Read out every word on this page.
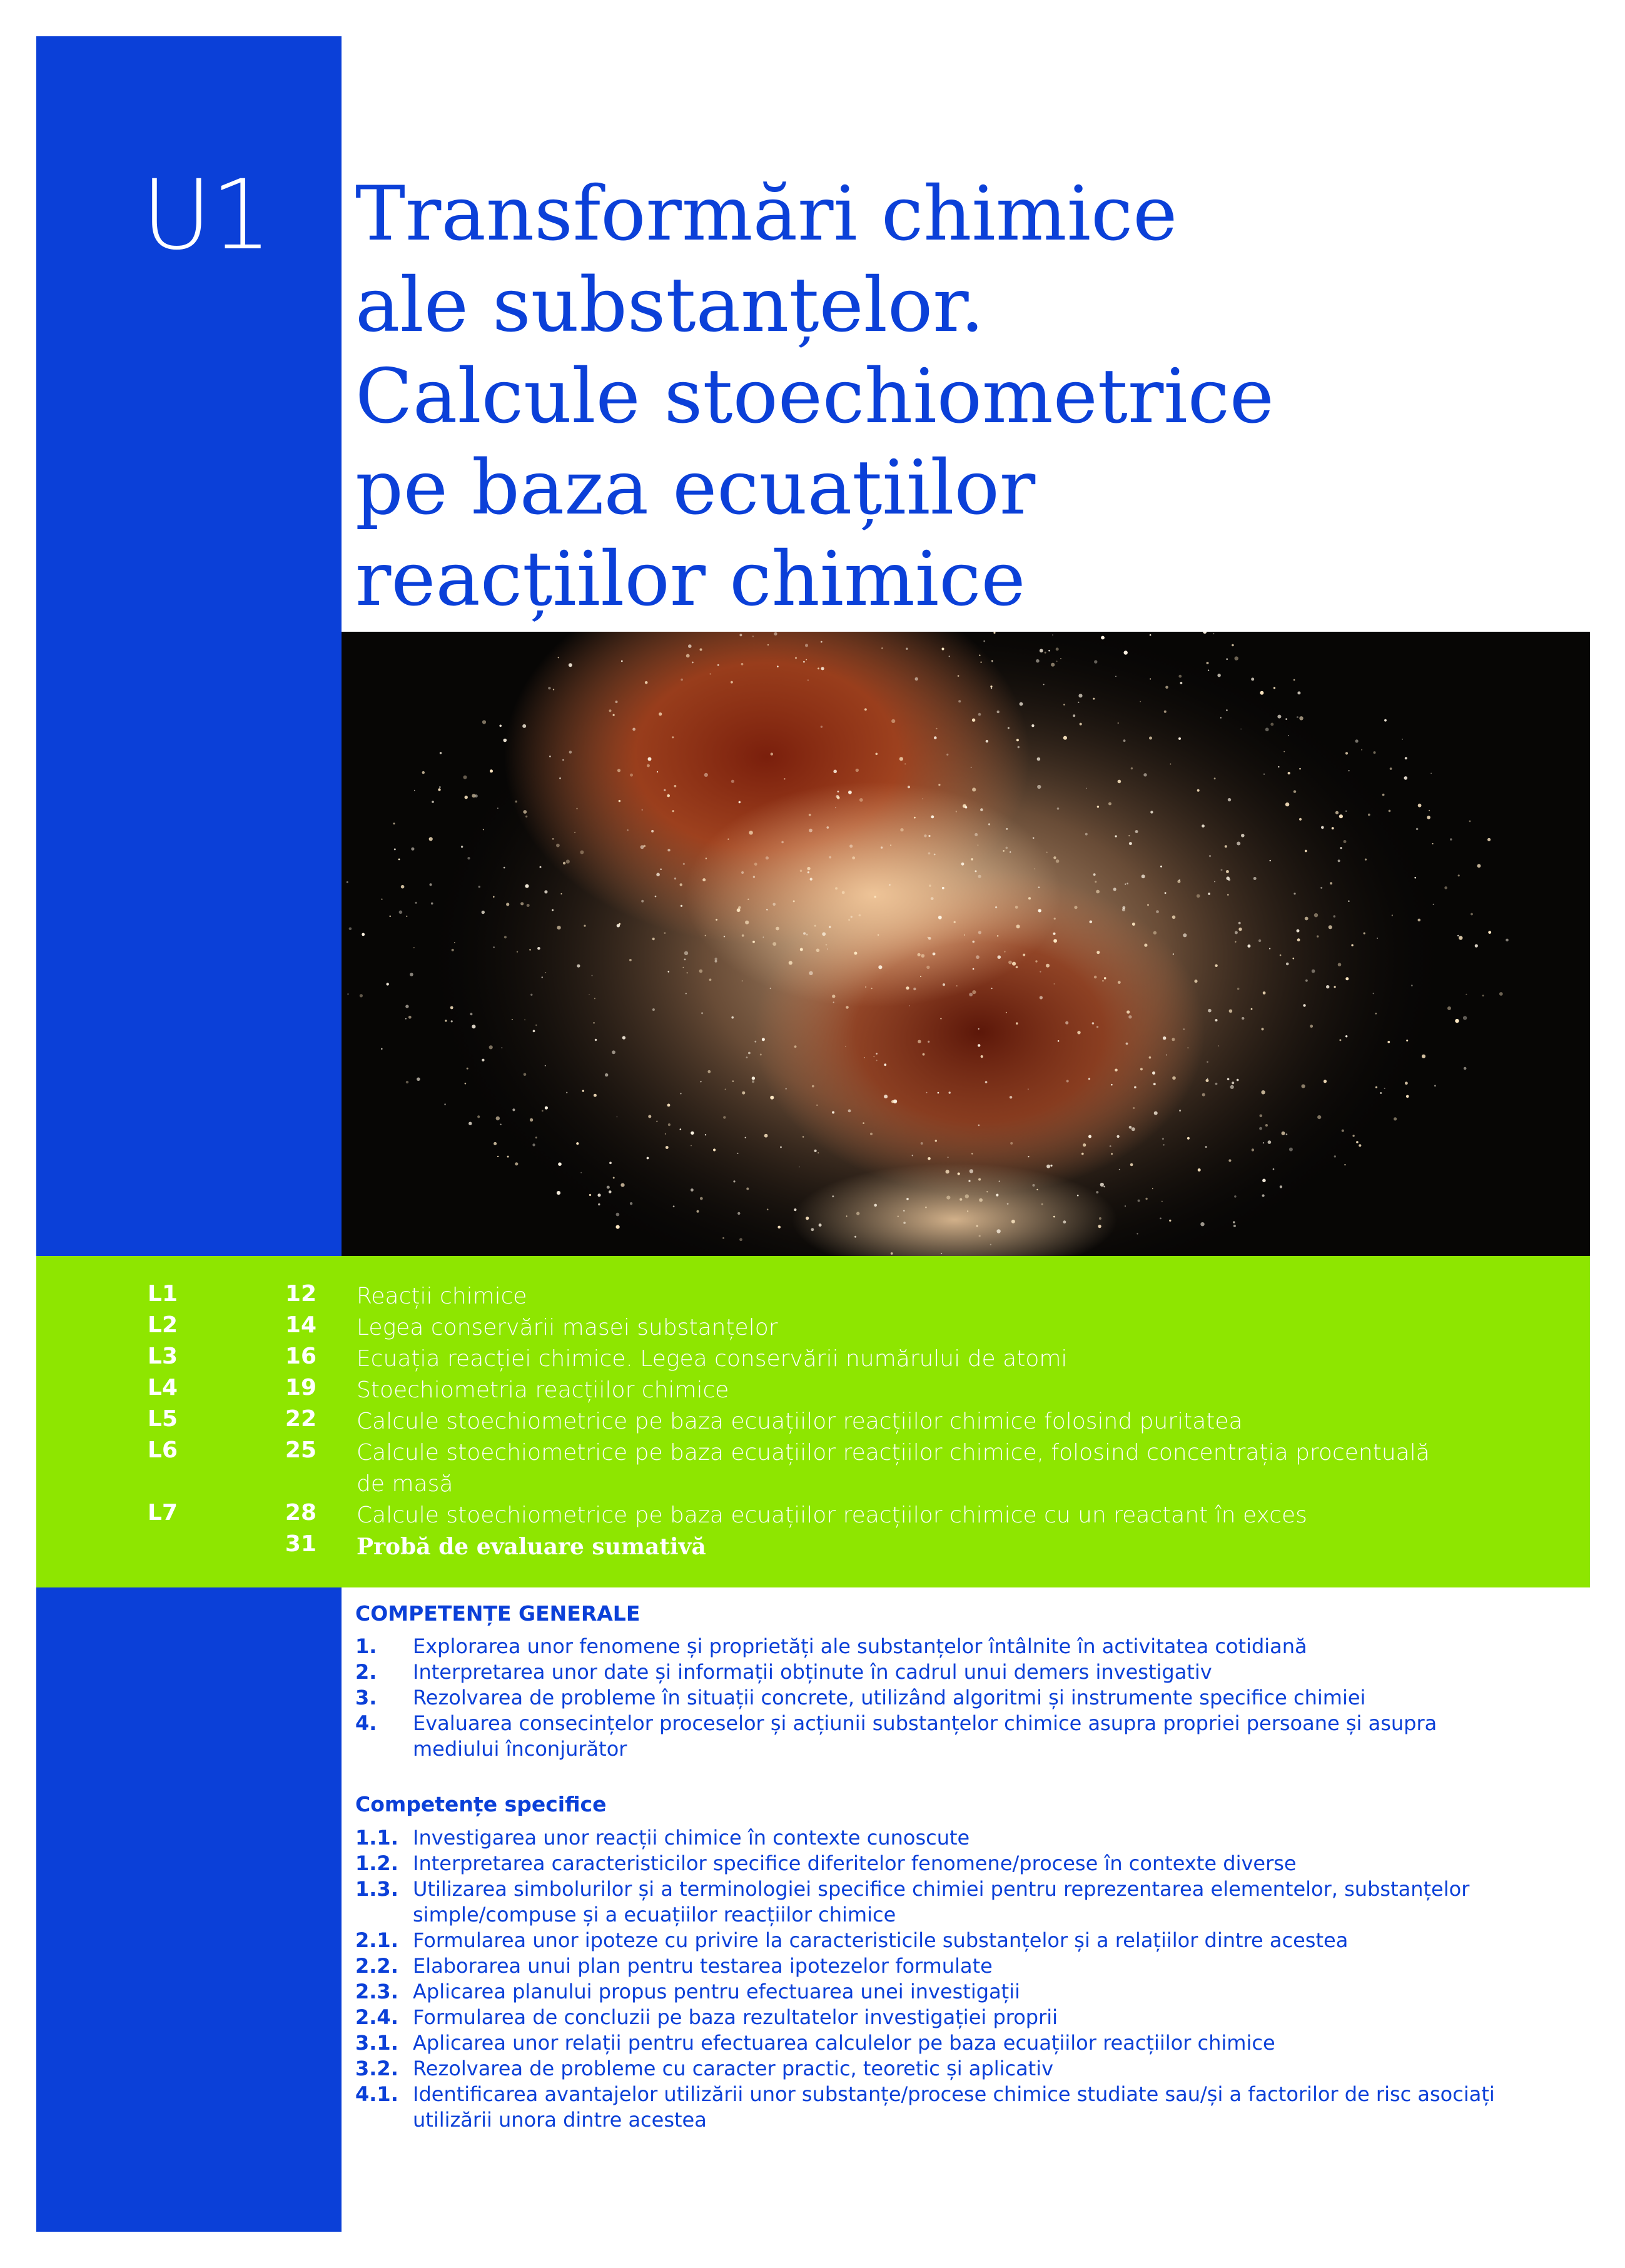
U1 Transformări chimice
ale substanțelor.
Calcule stoechiometrice
pe baza ecuațiilor
reacțiilor chimice
L1	12 Reacții chimice
L2	14 Legea conservării masei substanțelor
L3	16 Ecuația reacției chimice. Legea conservării numărului de atomi
L4	19 Stoechiometria reacțiilor chimice
L5	22 Calcule stoechiometrice pe baza ecuațiilor reacțiilor chimice folosind puritatea
L6	25 Calcule stoechiometrice pe baza ecuațiilor reacțiilor chimice, folosind concentrația procentuală
de masă
L7	28 Calcule stoechiometrice pe baza ecuațiilor reacțiilor chimice cu un reactant în exces
31 Probă de evaluare sumativă
COMPETENȚE GENERALE
1. Explorarea unor fenomene și proprietăți ale substanțelor întâlnite în activitatea cotidiană
2. Interpretarea unor date și informații obținute în cadrul unui demers investigativ
3. Rezolvarea de probleme în situații concrete, utilizând algoritmi și instrumente specifice chimiei
4. Evaluarea consecințelor proceselor și acțiunii substanțelor chimice asupra propriei persoane și asupra
mediului înconjurător
Competențe specifice
1.1. Investigarea unor reacții chimice în contexte cunoscute
1.2. Interpretarea caracteristicilor specifice diferitelor fenomene/procese în contexte diverse
1.3. Utilizarea simbolurilor și a terminologiei specifice chimiei pentru reprezentarea elementelor, substanțelor
simple/compuse și a ecuațiilor reacțiilor chimice
2.1. Formularea unor ipoteze cu privire la caracteristicile substanțelor și a relațiilor dintre acestea
2.2. Elaborarea unui plan pentru testarea ipotezelor formulate
2.3. Aplicarea planului propus pentru efectuarea unei investigații
2.4. Formularea de concluzii pe baza rezultatelor investigației proprii
3.1. Aplicarea unor relații pentru efectuarea calculelor pe baza ecuațiilor reacțiilor chimice
3.2. Rezolvarea de probleme cu caracter practic, teoretic și aplicativ
4.1. Identificarea avantajelor utilizării unor substanțe/procese chimice studiate sau/și a factorilor de risc asociați
utilizării unora dintre acestea
